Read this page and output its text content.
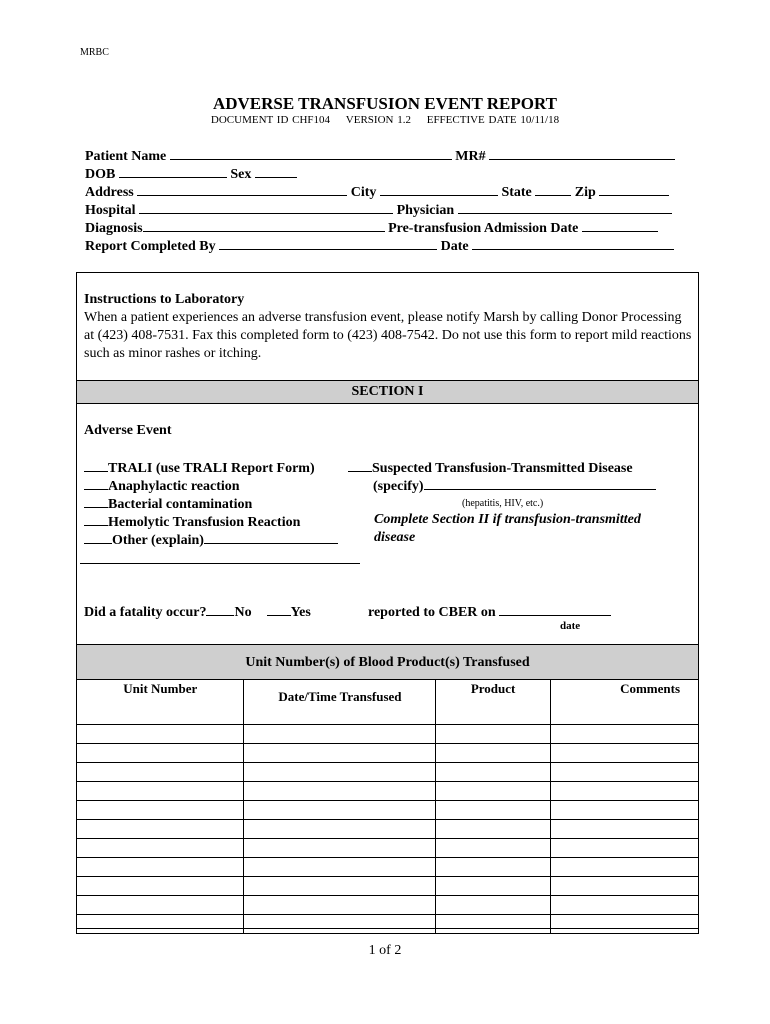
MRBC
ADVERSE TRANSFUSION EVENT REPORT
DOCUMENT ID CHF104 VERSION 1.2 EFFECTIVE DATE 10/11/18
Patient Name	MR#
DOB	Sex
Address	City	State	Zip
Hospital	Physician
Diagnosis	Pre-transfusion Admission Date
Report Completed By	Date
Instructions to Laboratory
When a patient experiences an adverse transfusion event, please notify Marsh by calling Donor Processing at (423) 408-7531. Fax this completed form to (423) 408-7542. Do not use this form to report mild reactions such as minor rashes or itching.
SECTION I
Adverse Event
TRALI (use TRALI Report Form)
Anaphylactic reaction
Bacterial contamination
Hemolytic Transfusion Reaction
Other (explain)
Suspected Transfusion-Transmitted Disease
(specify)
(hepatitis, HIV, etc.)
Complete Section II if transfusion-transmitted
disease
Did a fatality occur? No	Yes	reported to CBER on
date
Unit Number(s) of Blood Product(s) Transfused
Unit Number	Date/Time Transfused	Product	Comments

1 of 2
